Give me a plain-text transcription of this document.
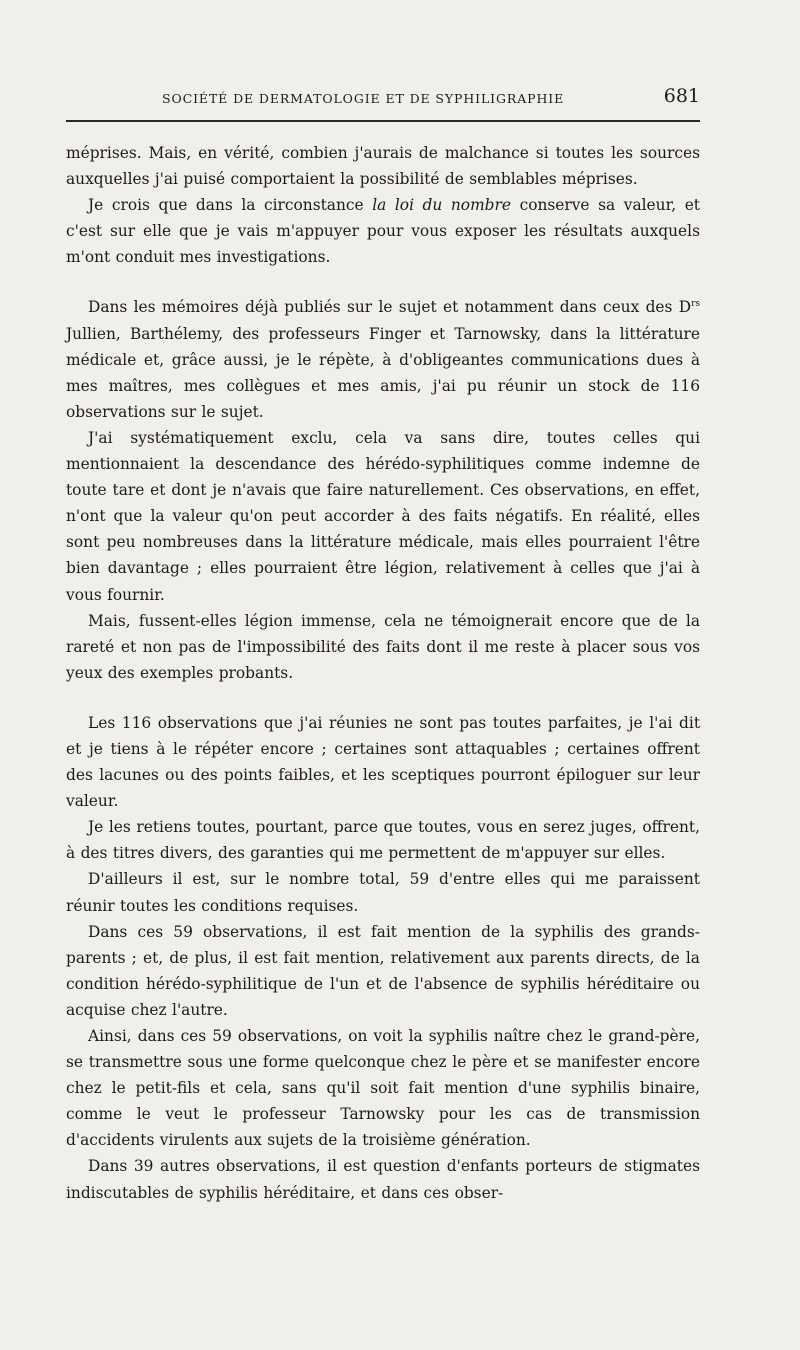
SOCIÉTÉ DE DERMATOLOGIE ET DE SYPHILIGRAPHIE	681

méprises. Mais, en vérité, combien j'aurais de malchance si toutes les sources auxquelles j'ai puisé comportaient la possibilité de semblables méprises.

Je crois que dans la circonstance la loi du nombre conserve sa valeur, et c'est sur elle que je vais m'appuyer pour vous exposer les résultats auxquels m'ont conduit mes investigations.

Dans les mémoires déjà publiés sur le sujet et notamment dans ceux des $D^{rs}$ Jullien, Barthélemy, des professeurs Finger et Tarnowsky, dans la littérature médicale et, grâce aussi, je le répète, à d'obligeantes communications dues à mes maîtres, mes collègues et mes amis, j'ai pu réunir un stock de 116 observations sur le sujet.

J'ai systématiquement exclu, cela va sans dire, toutes celles qui mentionnaient la descendance des hérédo-syphilitiques comme indemne de toute tare et dont je n'avais que faire naturellement. Ces observations, en effet, n'ont que la valeur qu'on peut accorder à des faits négatifs. En réalité, elles sont peu nombreuses dans la littérature médicale, mais elles pourraient l'être bien davantage ; elles pourraient être légion, relativement à celles que j'ai à vous fournir.

Mais, fussent-elles légion immense, cela ne témoignerait encore que de la rareté et non pas de l'impossibilité des faits dont il me reste à placer sous vos yeux des exemples probants.

Les 116 observations que j'ai réunies ne sont pas toutes parfaites, je l'ai dit et je tiens à le répéter encore ; certaines sont attaquables ; certaines offrent des lacunes ou des points faibles, et les sceptiques pourront épiloguer sur leur valeur.

Je les retiens toutes, pourtant, parce que toutes, vous en serez juges, offrent, à des titres divers, des garanties qui me permettent de m'appuyer sur elles.

D'ailleurs il est, sur le nombre total, 59 d'entre elles qui me paraissent réunir toutes les conditions requises.

Dans ces 59 observations, il est fait mention de la syphilis des grands-parents ; et, de plus, il est fait mention, relativement aux parents directs, de la condition hérédo-syphilitique de l'un et de l'absence de syphilis héréditaire ou acquise chez l'autre.

Ainsi, dans ces 59 observations, on voit la syphilis naître chez le grand-père, se transmettre sous une forme quelconque chez le père et se manifester encore chez le petit-fils et cela, sans qu'il soit fait mention d'une syphilis binaire, comme le veut le professeur Tarnowsky pour les cas de transmission d'accidents virulents aux sujets de la troisième génération.

Dans 39 autres observations, il est question d'enfants porteurs de stigmates indiscutables de syphilis héréditaire, et dans ces obser-
